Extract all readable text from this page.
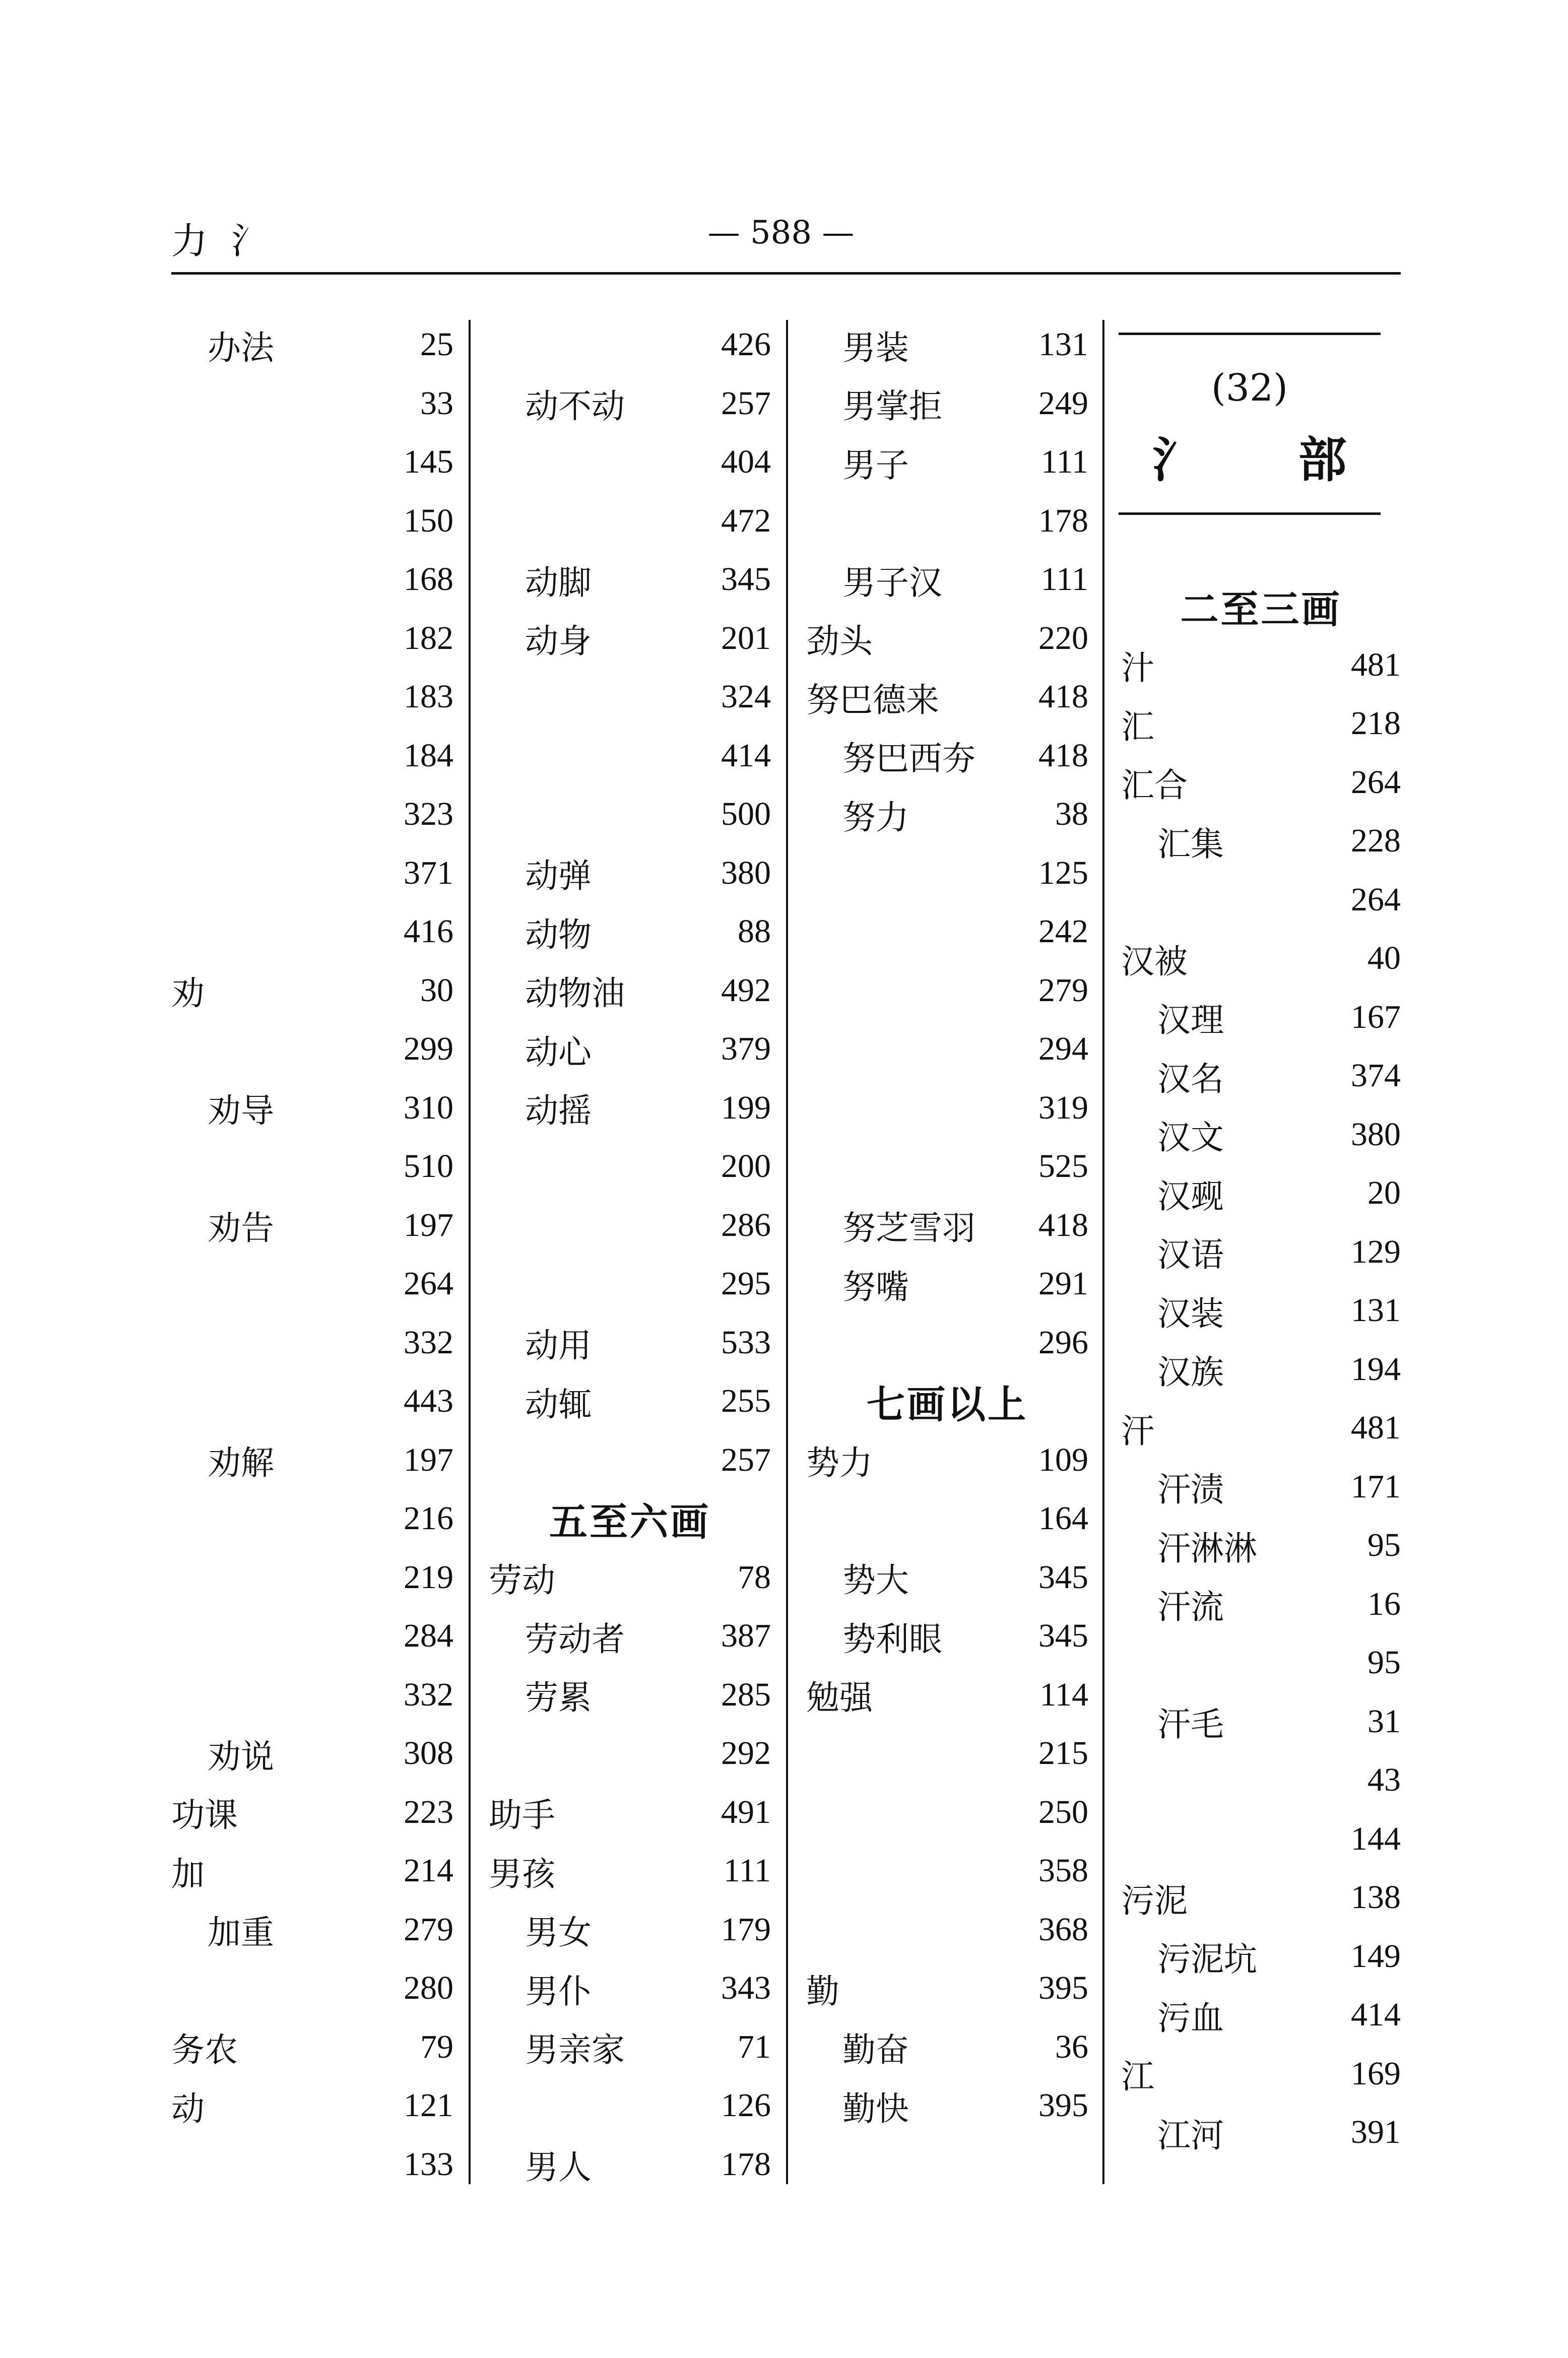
力 氵	— 588 —
办法	25
33
145
150
168
182
183
184
323
371
416
劝	30
299
劝导	310
510
劝告	197
264
332
443
劝解	197
216
219
284
332
劝说	308
功课	223
加	214
加重	279
280
务农	79
动	121
133
426
动不动	257
404
472
动脚	345
动身	201
324
414
500
动弹	380
动物	88
动物油	492
动心	379
动摇	199
200
286
295
动用	533
动辄	255
257
五至六画
劳动	78
劳动者	387
劳累	285
292
助手	491
男孩	111
男女	179
男仆	343
男亲家	71
126
男人	178
男装	131
男掌拒	249
男子	111
178
男子汉	111
劲头	220
努巴德来	418
努巴西夯	418
努力	38
125
242
279
294
319
525
努芝雪羽	418
努嘴	291
296
七画以上
势力	109
164
势大	345
势利眼	345
勉强	114
215
250
358
368
勤	395
勤奋	36
勤快	395
(32)
氵 部
二至三画
汁	481
汇	218
汇合	264
汇集	228
264
汉被	40
汉理	167
汉名	374
汉文	380
汉觋	20
汉语	129
汉装	131
汉族	194
汗	481
汗渍	171
汗淋淋	95
汗流	16
95
汗毛	31
43
144
污泥	138
污泥坑	149
污血	414
江	169
江河	391
